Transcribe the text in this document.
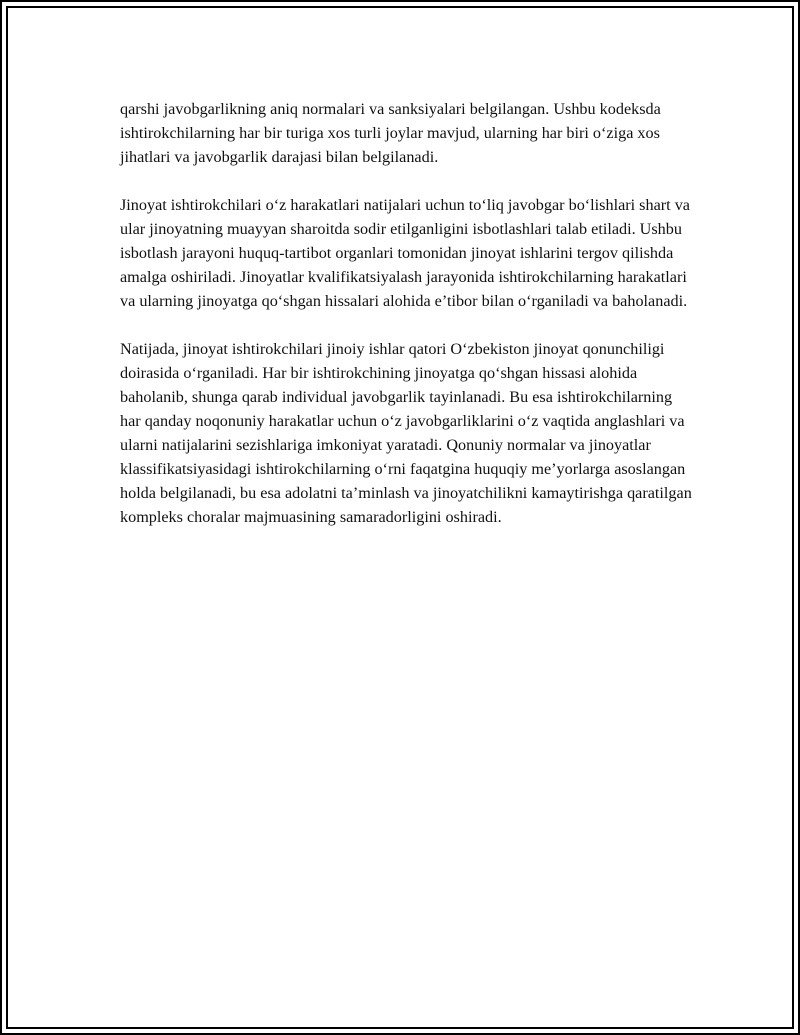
qarshi javobgarlikning aniq normalari va sanksiyalari belgilangan. Ushbu kodeksda ishtirokchilarning har bir turiga xos turli joylar mavjud, ularning har biri o‘ziga xos jihatlari va javobgarlik darajasi bilan belgilanadi.

Jinoyat ishtirokchilari o‘z harakatlari natijalari uchun to‘liq javobgar bo‘lishlari shart va ular jinoyatning muayyan sharoitda sodir etilganligini isbotlashlari talab etiladi. Ushbu isbotlash jarayoni huquq-tartibot organlari tomonidan jinoyat ishlarini tergov qilishda amalga oshiriladi. Jinoyatlar kvalifikatsiyalash jarayonida ishtirokchilarning harakatlari va ularning jinoyatga qo‘shgan hissalari alohida e’tibor bilan o‘rganiladi va baholanadi.

Natijada, jinoyat ishtirokchilari jinoiy ishlar qatori O‘zbekiston jinoyat qonunchiligi doirasida o‘rganiladi. Har bir ishtirokchining jinoyatga qo‘shgan hissasi alohida baholanib, shunga qarab individual javobgarlik tayinlanadi. Bu esa ishtirokchilarning har qanday noqonuniy harakatlar uchun o‘z javobgarliklarini o‘z vaqtida anglashlari va ularni natijalarini sezishlariga imkoniyat yaratadi. Qonuniy normalar va jinoyatlar klassifikatsiyasidagi ishtirokchilarning o‘rni faqatgina huquqiy me’yorlarga asoslangan holda belgilanadi, bu esa adolatni ta’minlash va jinoyatchilikni kamaytirishga qaratilgan kompleks choralar majmuasining samaradorligini oshiradi.
